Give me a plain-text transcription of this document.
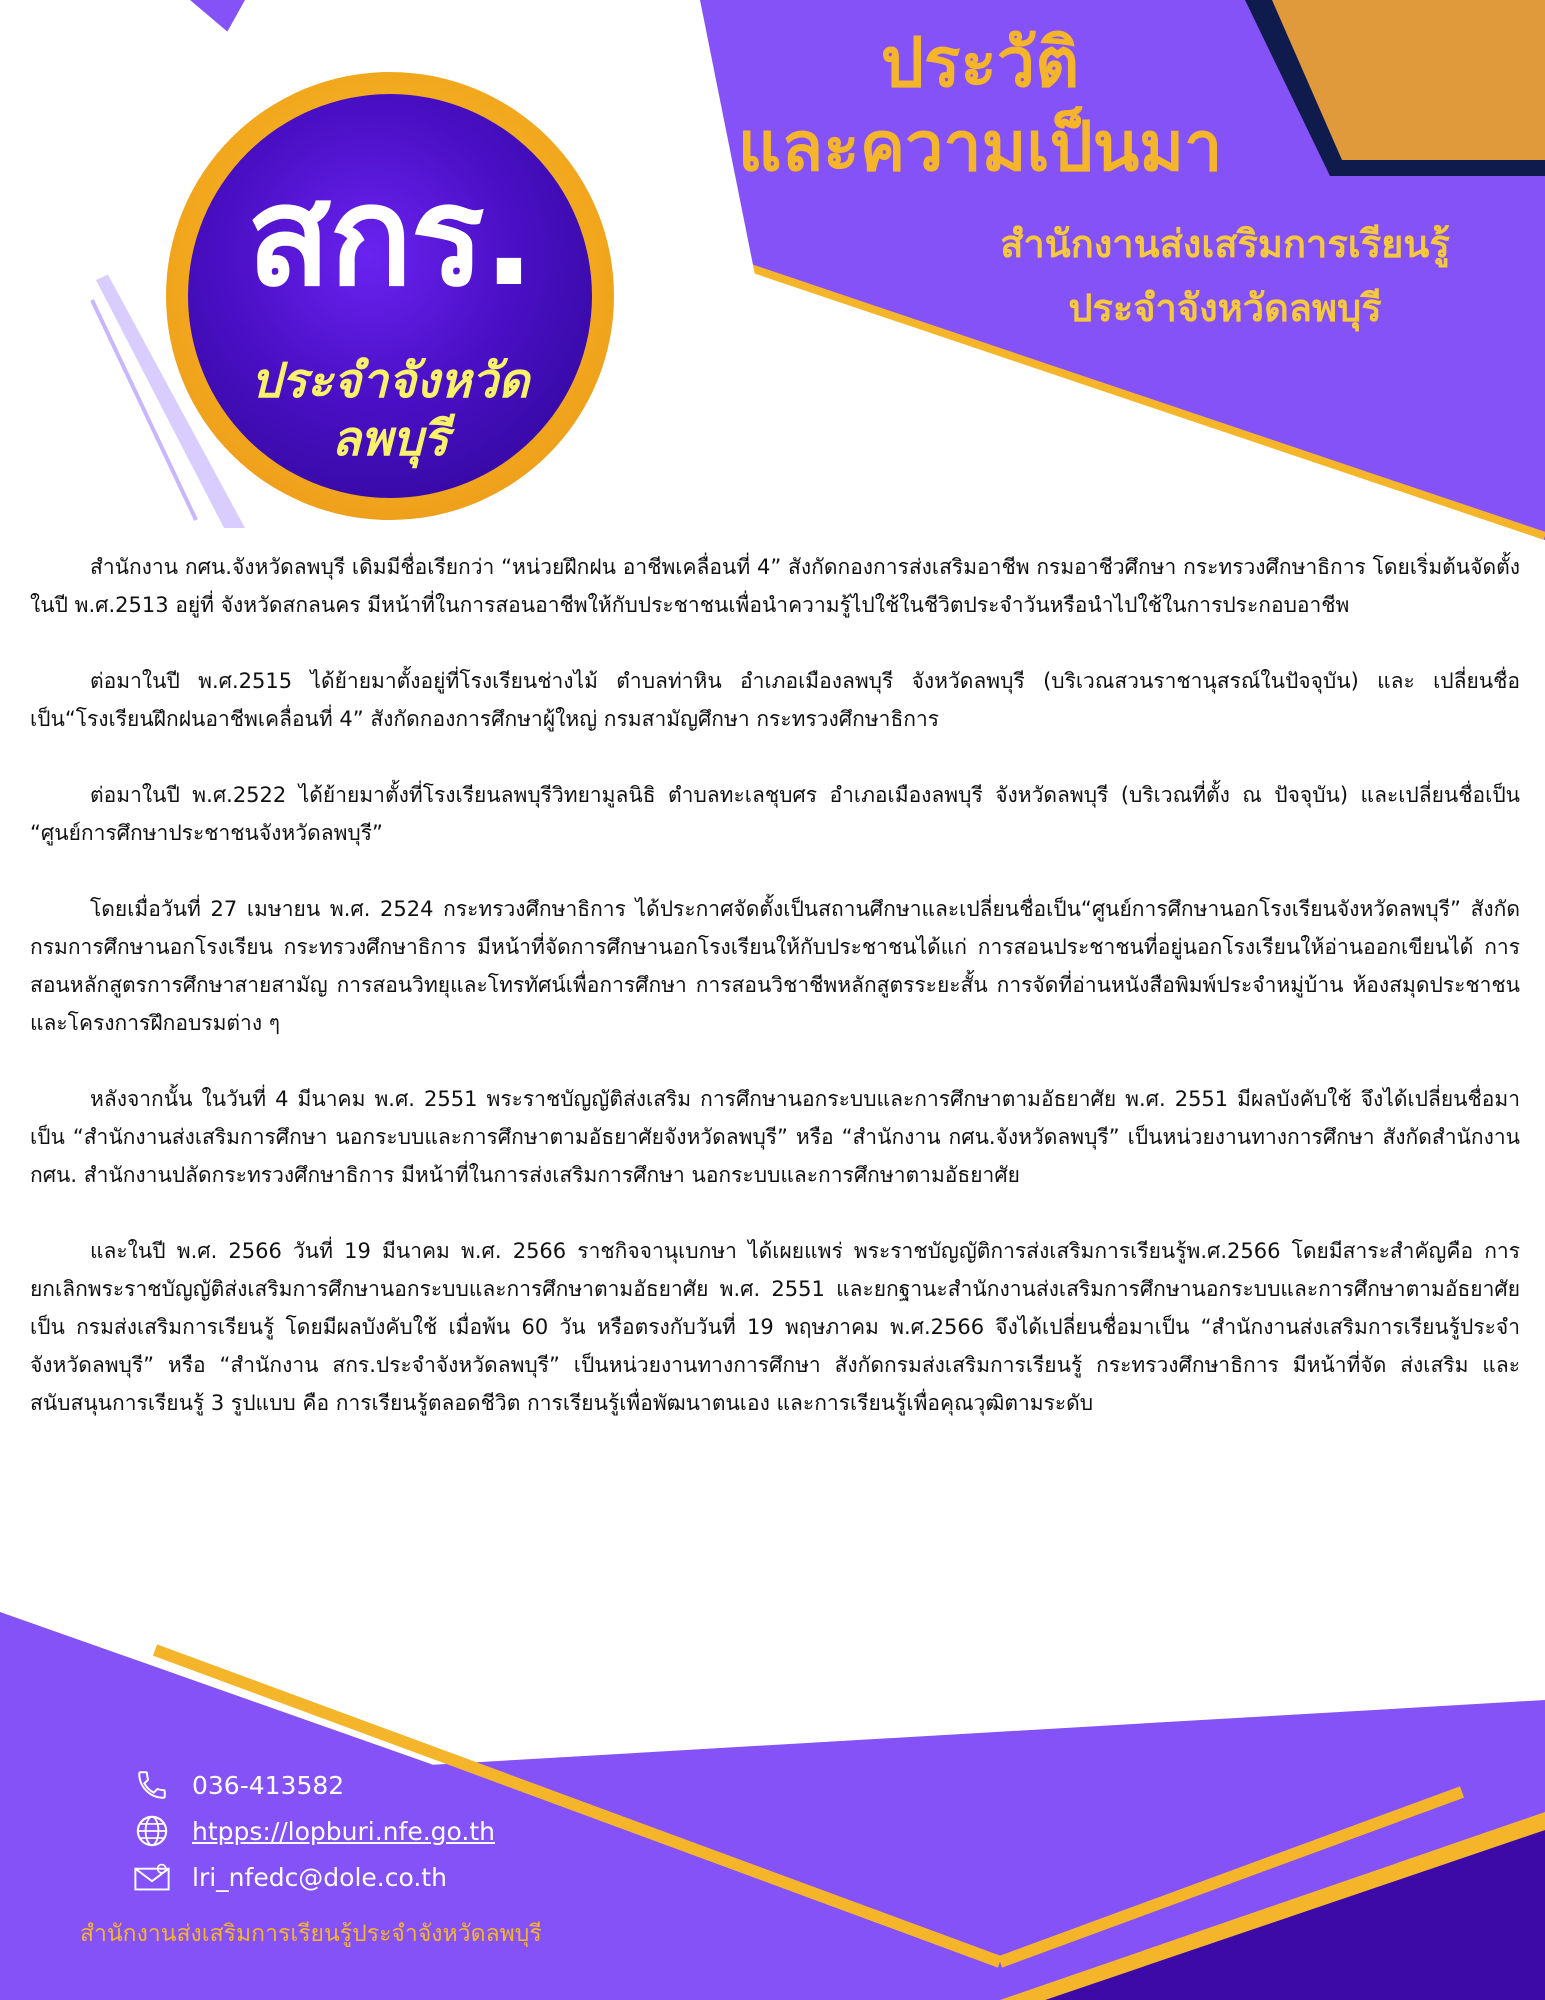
สกร.
ประจำจังหวัด
ลพบุรี
ประวัติ
และความเป็นมา
สำนักงานส่งเสริมการเรียนรู้
ประจำจังหวัดลพบุรี

สำนักงาน กศน.จังหวัดลพบุรี เดิมมีชื่อเรียกว่า “หน่วยฝึกฝน อาชีพเคลื่อนที่ 4” สังกัดกองการส่งเสริมอาชีพ กรมอาชีวศึกษา กระทรวงศึกษาธิการ โดยเริ่มต้นจัดตั้งในปี พ.ศ.2513 อยู่ที่ จังหวัดสกลนคร มีหน้าที่ในการสอนอาชีพให้กับประชาชนเพื่อนำความรู้ไปใช้ในชีวิตประจำวันหรือนำไปใช้ในการประกอบอาชีพ

ต่อมาในปี พ.ศ.2515 ได้ย้ายมาตั้งอยู่ที่โรงเรียนช่างไม้ ตำบลท่าหิน อำเภอเมืองลพบุรี จังหวัดลพบุรี (บริเวณสวนราชานุสรณ์ในปัจจุบัน) และ เปลี่ยนชื่อเป็น“โรงเรียนฝึกฝนอาชีพเคลื่อนที่ 4” สังกัดกองการศึกษาผู้ใหญ่ กรมสามัญศึกษา กระทรวงศึกษาธิการ

ต่อมาในปี พ.ศ.2522 ได้ย้ายมาตั้งที่โรงเรียนลพบุรีวิทยามูลนิธิ ตำบลทะเลชุบศร อำเภอเมืองลพบุรี จังหวัดลพบุรี (บริเวณที่ตั้ง ณ ปัจจุบัน) และเปลี่ยนชื่อเป็น “ศูนย์การศึกษาประชาชนจังหวัดลพบุรี”

โดยเมื่อวันที่ 27 เมษายน พ.ศ. 2524 กระทรวงศึกษาธิการ ได้ประกาศจัดตั้งเป็นสถานศึกษาและเปลี่ยนชื่อเป็น“ศูนย์การศึกษานอกโรงเรียนจังหวัดลพบุรี” สังกัดกรมการศึกษานอกโรงเรียน กระทรวงศึกษาธิการ มีหน้าที่จัดการศึกษานอกโรงเรียนให้กับประชาชนได้แก่ การสอนประชาชนที่อยู่นอกโรงเรียนให้อ่านออกเขียนได้ การสอนหลักสูตรการศึกษาสายสามัญ การสอนวิทยุและโทรทัศน์เพื่อการศึกษา การสอนวิชาชีพหลักสูตรระยะสั้น การจัดที่อ่านหนังสือพิมพ์ประจำหมู่บ้าน ห้องสมุดประชาชน และโครงการฝึกอบรมต่าง ๆ

หลังจากนั้น ในวันที่ 4 มีนาคม พ.ศ. 2551 พระราชบัญญัติส่งเสริม การศึกษานอกระบบและการศึกษาตามอัธยาศัย พ.ศ. 2551 มีผลบังคับใช้ จึงได้เปลี่ยนชื่อมาเป็น “สำนักงานส่งเสริมการศึกษา นอกระบบและการศึกษาตามอัธยาศัยจังหวัดลพบุรี” หรือ “สำนักงาน กศน.จังหวัดลพบุรี” เป็นหน่วยงานทางการศึกษา สังกัดสำนักงาน กศน. สำนักงานปลัดกระทรวงศึกษาธิการ มีหน้าที่ในการส่งเสริมการศึกษา นอกระบบและการศึกษาตามอัธยาศัย

และในปี พ.ศ. 2566 วันที่ 19 มีนาคม พ.ศ. 2566 ราชกิจจานุเบกษา ได้เผยแพร่ พระราชบัญญัติการส่งเสริมการเรียนรู้พ.ศ.2566 โดยมีสาระสำคัญคือ การยกเลิกพระราชบัญญัติส่งเสริมการศึกษานอกระบบและการศึกษาตามอัธยาศัย พ.ศ. 2551 และยกฐานะสำนักงานส่งเสริมการศึกษานอกระบบและการศึกษาตามอัธยาศัย เป็น กรมส่งเสริมการเรียนรู้ โดยมีผลบังคับใช้ เมื่อพ้น 60 วัน หรือตรงกับวันที่ 19 พฤษภาคม พ.ศ.2566 จึงได้เปลี่ยนชื่อมาเป็น “สำนักงานส่งเสริมการเรียนรู้ประจำจังหวัดลพบุรี” หรือ “สำนักงาน สกร.ประจำจังหวัดลพบุรี” เป็นหน่วยงานทางการศึกษา สังกัดกรมส่งเสริมการเรียนรู้ กระทรวงศึกษาธิการ มีหน้าที่จัด ส่งเสริม และสนับสนุนการเรียนรู้ 3 รูปแบบ คือ การเรียนรู้ตลอดชีวิต การเรียนรู้เพื่อพัฒนาตนเอง และการเรียนรู้เพื่อคุณวุฒิตามระดับ

036-413582
htpps://lopburi.nfe.go.th
lri_nfedc@dole.co.th
สำนักงานส่งเสริมการเรียนรู้ประจำจังหวัดลพบุรี
